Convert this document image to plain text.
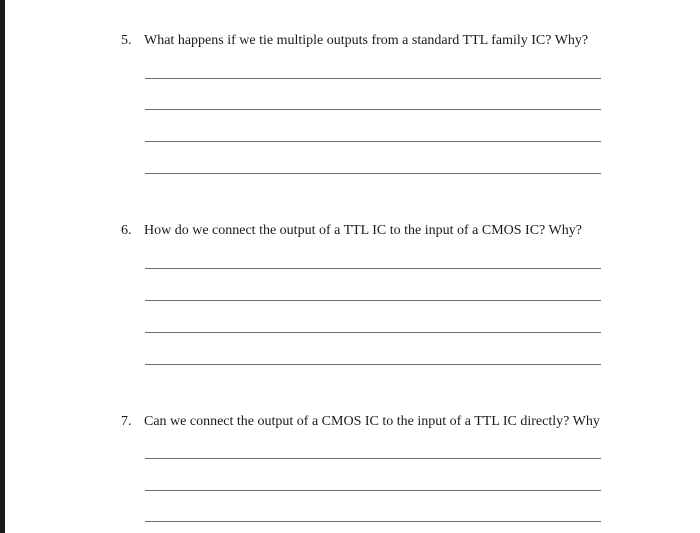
5. What happens if we tie multiple outputs from a standard TTL family IC? Why?
6. How do we connect the output of a TTL IC to the input of a CMOS IC? Why?
7. Can we connect the output of a CMOS IC to the input of a TTL IC directly? Why
